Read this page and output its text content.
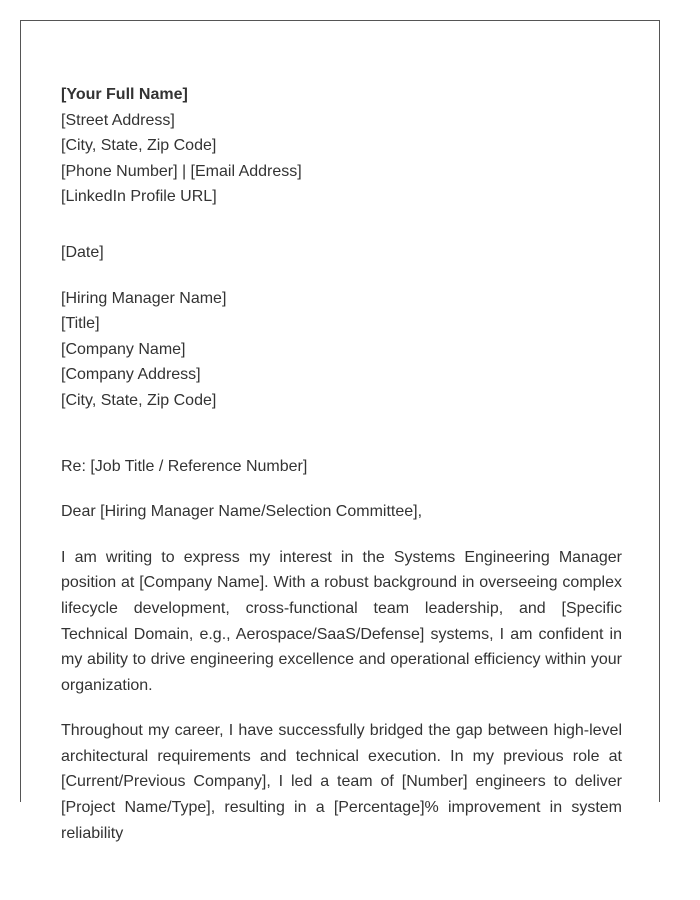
[Your Full Name]
[Street Address]
[City, State, Zip Code]
[Phone Number] | [Email Address]
[LinkedIn Profile URL]
[Date]
[Hiring Manager Name]
[Title]
[Company Name]
[Company Address]
[City, State, Zip Code]
Re: [Job Title / Reference Number]
Dear [Hiring Manager Name/Selection Committee],

I am writing to express my interest in the Systems Engineering Manager position at [Company Name]. With a robust background in overseeing complex lifecycle development, cross-functional team leadership, and [Specific Technical Domain, e.g., Aerospace/SaaS/Defense] systems, I am confident in my ability to drive engineering excellence and operational efficiency within your organization.

Throughout my career, I have successfully bridged the gap between high-level architectural requirements and technical execution. In my previous role at [Current/Previous Company], I led a team of [Number] engineers to deliver [Project Name/Type], resulting in a [Percentage]% improvement in system reliability
